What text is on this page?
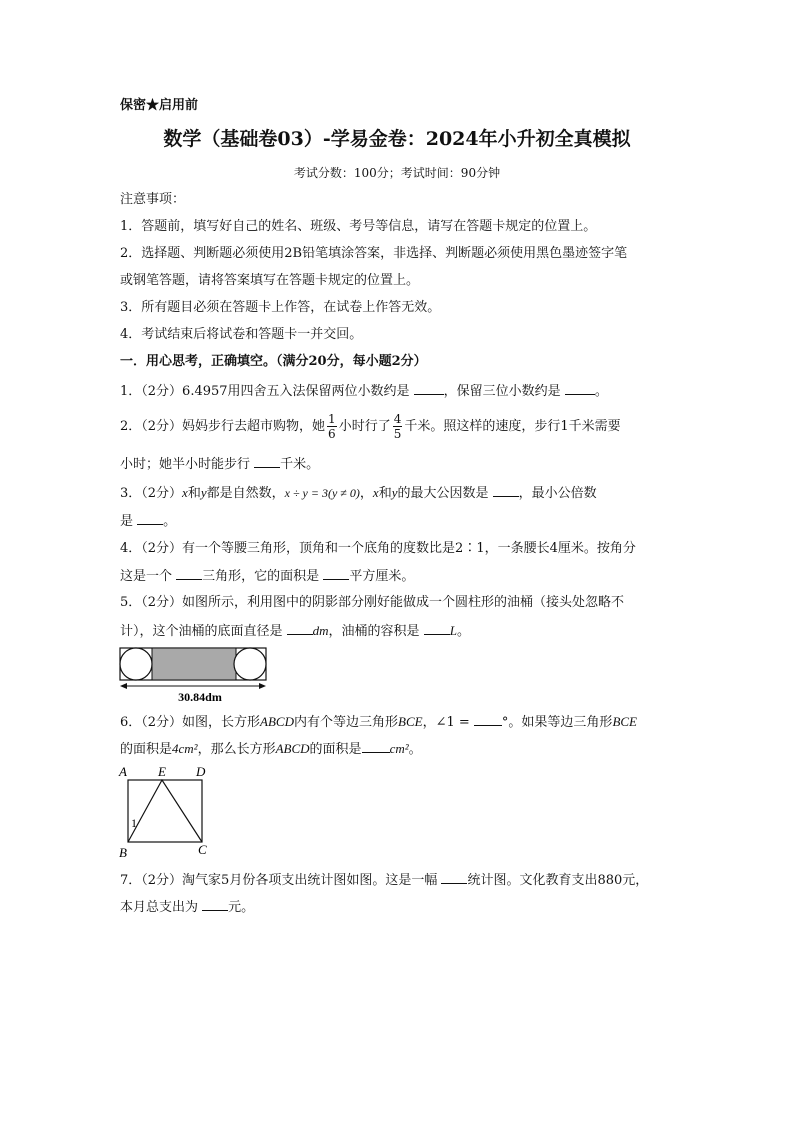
保密★启用前
数学（基础卷03）-学易金卷：2024年小升初全真模拟
考试分数：100分；考试时间：90分钟
注意事项：
1．答题前，填写好自己的姓名、班级、考号等信息，请写在答题卡规定的位置上。
2．选择题、判断题必须使用2B铅笔填涂答案，非选择、判断题必须使用黑色墨迹签字笔
或钢笔答题，请将答案填写在答题卡规定的位置上。
3．所有题目必须在答题卡上作答，在试卷上作答无效。
4．考试结束后将试卷和答题卡一并交回。
一．用心思考，正确填空。（满分20分，每小题2分）
1．（2分）6.4957用四舍五入法保留两位小数约是	，保留三位小数约是	。
2．（2分）妈妈步行去超市购物，她 $\frac{1}{6}$ 小时行了 $\frac{4}{5}$ 千米。照这样的速度，步行1千米需要
小时；她半小时能步行 千米。
3．（2分）x和y都是自然数，x ÷ y = 3(y ≠ 0)，x和y的最大公因数是 ，最小公倍数
是 。
4．（2分）有一个等腰三角形，顶角和一个底角的度数比是2∶1，一条腰长4厘米。按角分
这是一个 三角形，它的面积是 平方厘米。
5．（2分）如图所示，利用图中的阴影部分刚好能做成一个圆柱形的油桶（接头处忽略不
计），这个油桶的底面直径是 dm，油桶的容积是 L。
30.84dm
6．（2分）如图，长方形ABCD内有个等边三角形BCE，∠1 = °。如果等边三角形BCE
的面积是4cm²，那么长方形ABCD的面积是 cm²。
A E D
B	C
1
7．（2分）淘气家5月份各项支出统计图如图。这是一幅 统计图。文化教育支出880元，
本月总支出为 元。
